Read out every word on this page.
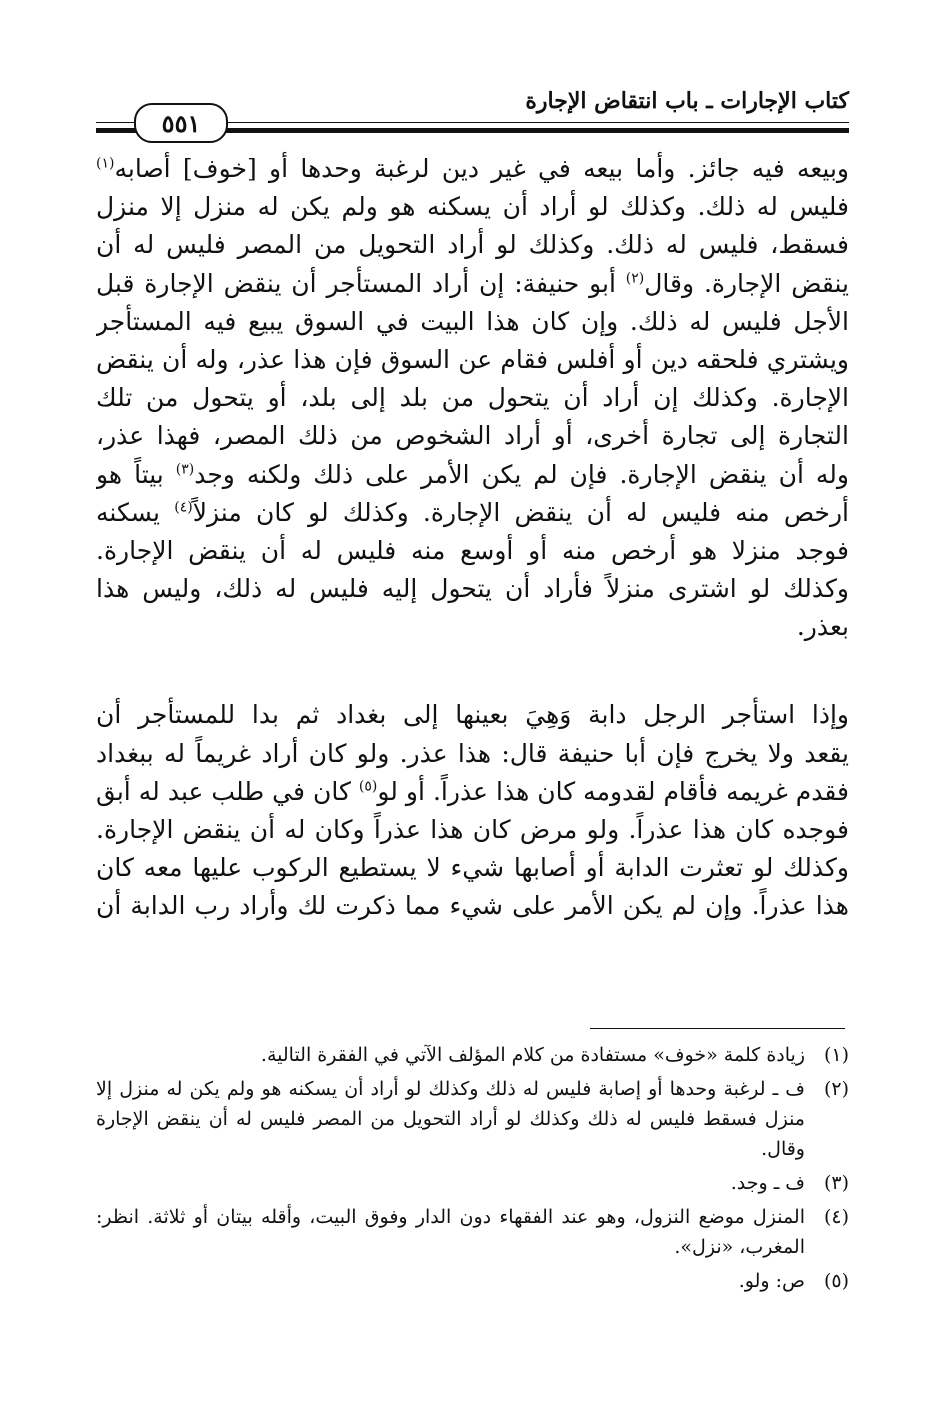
كتاب الإجارات ـ باب انتقاض الإجارة
٥٥١
وبيعه فيه جائز. وأما بيعه في غير دين لرغبة وحدها أو [خوف] أصابه$^{(١)}$
فليس له ذلك. وكذلك لو أراد أن يسكنه هو ولم يكن له منزل إلا منزل
فسقط، فليس له ذلك. وكذلك لو أراد التحويل من المصر فليس له أن
ينقض الإجارة. وقال$^{(٢)}$ أبو حنيفة: إن أراد المستأجر أن ينقض الإجارة قبل
الأجل فليس له ذلك. وإن كان هذا البيت في السوق يبيع فيه المستأجر
ويشتري فلحقه دين أو أفلس فقام عن السوق فإن هذا عذر، وله أن ينقض
الإجارة. وكذلك إن أراد أن يتحول من بلد إلى بلد، أو يتحول من تلك
التجارة إلى تجارة أخرى، أو أراد الشخوص من ذلك المصر، فهذا عذر،
وله أن ينقض الإجارة. فإن لم يكن الأمر على ذلك ولكنه وجد$^{(٣)}$ بيتاً هو
أرخص منه فليس له أن ينقض الإجارة. وكذلك لو كان منزلاً$^{(٤)}$ يسكنه
فوجد منزلا هو أرخص منه أو أوسع منه فليس له أن ينقض الإجارة.
وكذلك لو اشترى منزلاً فأراد أن يتحول إليه فليس له ذلك، وليس هذا
بعذر.
وإذا استأجر الرجل دابة وَهِيَ بعينها إلى بغداد ثم بدا للمستأجر أن
يقعد ولا يخرج فإن أبا حنيفة قال: هذا عذر. ولو كان أراد غريماً له ببغداد
فقدم غريمه فأقام لقدومه كان هذا عذراً. أو لو$^{(٥)}$ كان في طلب عبد له أبق
فوجده كان هذا عذراً. ولو مرض كان هذا عذراً وكان له أن ينقض الإجارة.
وكذلك لو تعثرت الدابة أو أصابها شيء لا يستطيع الركوب عليها معه كان
هذا عذراً. وإن لم يكن الأمر على شيء مما ذكرت لك وأراد رب الدابة أن
(١)
زيادة كلمة «خوف» مستفادة من كلام المؤلف الآتي في الفقرة التالية.
(٢)
ف ـ لرغبة وحدها أو إصابة فليس له ذلك وكذلك لو أراد أن يسكنه هو ولم يكن له منزل إلا منزل فسقط فليس له ذلك وكذلك لو أراد التحويل من المصر فليس له أن ينقض الإجارة وقال.
(٣)
ف ـ وجد.
(٤)
المنزل موضع النزول، وهو عند الفقهاء دون الدار وفوق البيت، وأقله بيتان أو ثلاثة. انظر: المغرب، «نزل».
(٥)
ص: ولو.
